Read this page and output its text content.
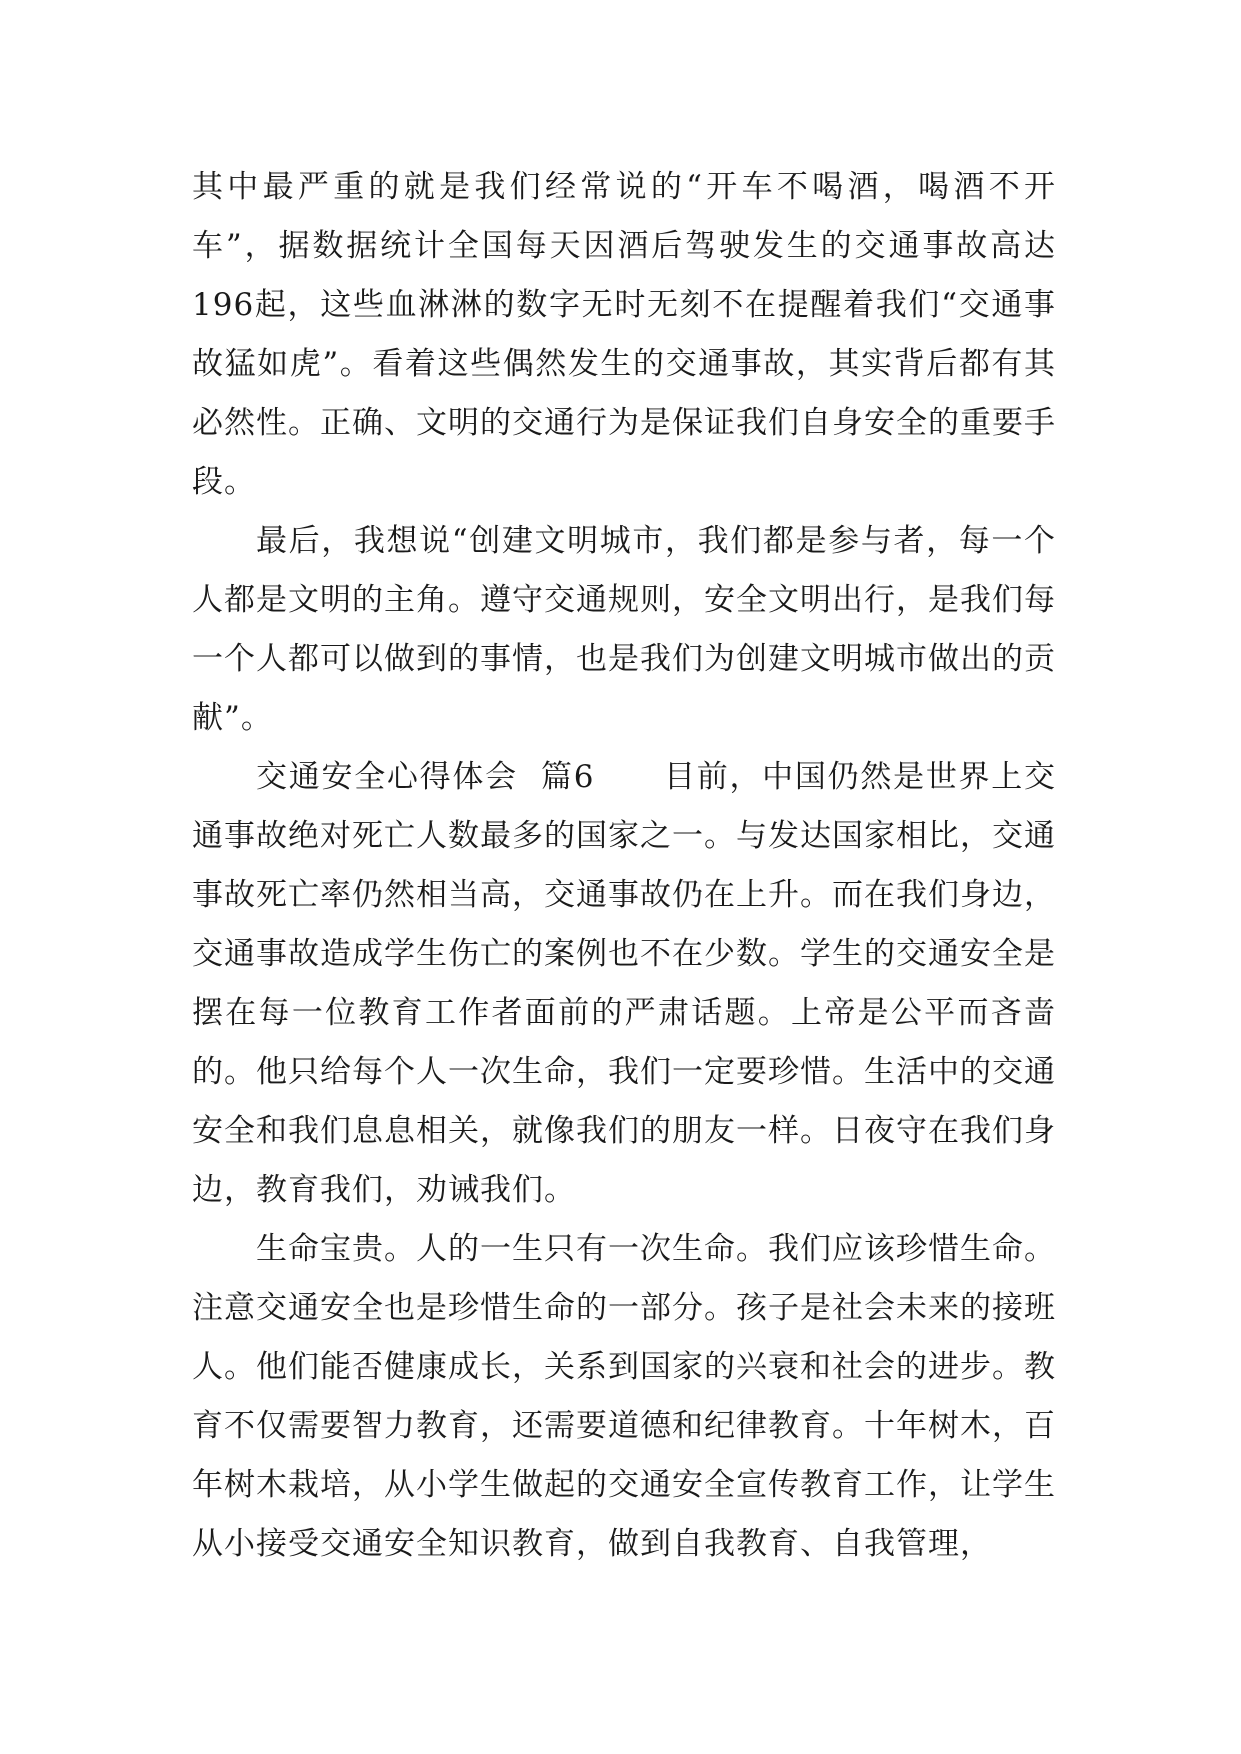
其中最严重的就是我们经常说的“开车不喝酒，喝酒不开车”，据数据统计全国每天因酒后驾驶发生的交通事故高达196起，这些血淋淋的数字无时无刻不在提醒着我们“交通事故猛如虎”。看着这些偶然发生的交通事故，其实背后都有其必然性。正确、文明的交通行为是保证我们自身安全的重要手段。

最后，我想说“创建文明城市，我们都是参与者，每一个人都是文明的主角。遵守交通规则，安全文明出行，是我们每一个人都可以做到的事情，也是我们为创建文明城市做出的贡献”。

交通安全心得体会  篇6 目前，中国仍然是世界上交通事故绝对死亡人数最多的国家之一。与发达国家相比，交通事故死亡率仍然相当高，交通事故仍在上升。而在我们身边，交通事故造成学生伤亡的案例也不在少数。学生的交通安全是摆在每一位教育工作者面前的严肃话题。上帝是公平而吝啬的。他只给每个人一次生命，我们一定要珍惜。生活中的交通安全和我们息息相关，就像我们的朋友一样。日夜守在我们身边，教育我们，劝诫我们。

生命宝贵。人的一生只有一次生命。我们应该珍惜生命。注意交通安全也是珍惜生命的一部分。孩子是社会未来的接班人。他们能否健康成长，关系到国家的兴衰和社会的进步。教育不仅需要智力教育，还需要道德和纪律教育。十年树木，百年树木栽培，从小学生做起的交通安全宣传教育工作，让学生从小接受交通安全知识教育，做到自我教育、自我管理，
